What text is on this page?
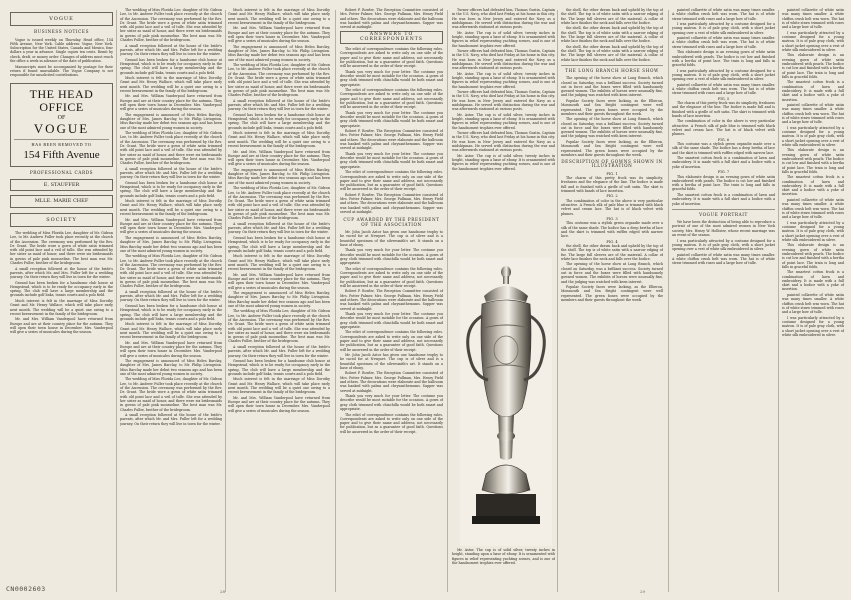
VOGUE
BUSINESS NOTICES

Vogue is issued weekly on Thursday. Head office, 154 Fifth Avenue, New York. Cable address: Vogue, New York. Subscription for the United States, Canada and Mexico, four dollars a year in advance. Single copies ten cents. Remit by check, draft, or money order. Changes of address must reach the office a week in advance of the date of publication.

Manuscripts must be accompanied by postage for their return if found unavailable. The Vogue Company is not responsible for unsolicited contributions.

THE HEAD OFFICE
OF
VOGUE
HAS BEEN REMOVED TO
154 Fifth Avenue
PROFESSIONAL CARDS
E. STAUFFER
MLLE. MARIE CHEF
SOCIETY

The wedding of Miss Florida Lee, daughter of Mr. Gideon Lee, to Mr. Andrew Fuller took place recently at the church of the Ascension. The ceremony was performed by the Rev. Dr. Grant. The bride wore a gown of white satin trimmed with old point lace and a veil of tulle. She was attended by her sister as maid of honor, and there were six bridesmaids in gowns of pale pink mousseline. The best man was Mr. Charles Fuller, brother of the bridegroom.

A small reception followed at the house of the bride's parents, after which Mr. and Mrs. Fuller left for a wedding journey. On their return they will live in town for the winter.

Ground has been broken for a handsome club house at Hempstead, which is to be ready for occupancy early in the spring. The club will have a large membership and the grounds include golf links, tennis courts and a polo field.

Much interest is felt in the marriage of Miss Dorothy Grant and Mr. Henry Wallace, which will take place early next month. The wedding will be a quiet one owing to a recent bereavement in the family of the bridegroom.

Mr. and Mrs. William Vanderpool have returned from Europe and are at their country place for the autumn. They will open their town house in December. Mrs. Vanderpool will give a series of musicales during the season.

The wedding of Miss Florida Lee, daughter of Mr. Gideon Lee, to Mr. Andrew Fuller took place recently at the church of the Ascension. The ceremony was performed by the Rev. Dr. Grant. The bride wore a gown of white satin trimmed with old point lace and a veil of tulle. She was attended by her sister as maid of honor, and there were six bridesmaids in gowns of pale pink mousseline. The best man was Mr. Charles Fuller, brother of the bridegroom.

A small reception followed at the house of the bride's parents, after which Mr. and Mrs. Fuller left for a wedding journey. On their return they will live in town for the winter.

Ground has been broken for a handsome club house at Hempstead, which is to be ready for occupancy early in the spring. The club will have a large membership and the grounds include golf links, tennis courts and a polo field.

Much interest is felt in the marriage of Miss Dorothy Grant and Mr. Henry Wallace, which will take place early next month. The wedding will be a quiet one owing to a recent bereavement in the family of the bridegroom.

Mr. and Mrs. William Vanderpool have returned from Europe and are at their country place for the autumn. They will open their town house in December. Mrs. Vanderpool will give a series of musicales during the season.

The engagement is announced of Miss Helen Barclay, daughter of Mrs. James Barclay, to Mr. Philip Livingston. Miss Barclay made her debut two seasons ago and has been one of the most admired young women in society.

The wedding of Miss Florida Lee, daughter of Mr. Gideon Lee, to Mr. Andrew Fuller took place recently at the church of the Ascension. The ceremony was performed by the Rev. Dr. Grant. The bride wore a gown of white satin trimmed with old point lace and a veil of tulle. She was attended by her sister as maid of honor, and there were six bridesmaids in gowns of pale pink mousseline. The best man was Mr. Charles Fuller, brother of the bridegroom.

A small reception followed at the house of the bride's parents, after which Mr. and Mrs. Fuller left for a wedding journey. On their return they will live in town for the winter.

Ground has been broken for a handsome club house at Hempstead, which is to be ready for occupancy early in the spring. The club will have a large membership and the grounds include golf links, tennis courts and a polo field.

Much interest is felt in the marriage of Miss Dorothy Grant and Mr. Henry Wallace, which will take place early next month. The wedding will be a quiet one owing to a recent bereavement in the family of the bridegroom.

Mr. and Mrs. William Vanderpool have returned from Europe and are at their country place for the autumn. They will open their town house in December. Mrs. Vanderpool will give a series of musicales during the season.

The engagement is announced of Miss Helen Barclay, daughter of Mrs. James Barclay, to Mr. Philip Livingston. Miss Barclay made her debut two seasons ago and has been one of the most admired young women in society.

The wedding of Miss Florida Lee, daughter of Mr. Gideon Lee, to Mr. Andrew Fuller took place recently at the church of the Ascension. The ceremony was performed by the Rev. Dr. Grant. The bride wore a gown of white satin trimmed with old point lace and a veil of tulle. She was attended by her sister as maid of honor, and there were six bridesmaids in gowns of pale pink mousseline. The best man was Mr. Charles Fuller, brother of the bridegroom.

A small reception followed at the house of the bride's parents, after which Mr. and Mrs. Fuller left for a wedding journey. On their return they will live in town for the winter.

Ground has been broken for a handsome club house at Hempstead, which is to be ready for occupancy early in the spring. The club will have a large membership and the grounds include golf links, tennis courts and a polo field.

Much interest is felt in the marriage of Miss Dorothy Grant and Mr. Henry Wallace, which will take place early next month. The wedding will be a quiet one owing to a recent bereavement in the family of the bridegroom.

Mr. and Mrs. William Vanderpool have returned from Europe and are at their country place for the autumn. They will open their town house in December. Mrs. Vanderpool will give a series of musicales during the season.

The engagement is announced of Miss Helen Barclay, daughter of Mrs. James Barclay, to Mr. Philip Livingston. Miss Barclay made her debut two seasons ago and has been one of the most admired young women in society.

The wedding of Miss Florida Lee, daughter of Mr. Gideon Lee, to Mr. Andrew Fuller took place recently at the church of the Ascension. The ceremony was performed by the Rev. Dr. Grant. The bride wore a gown of white satin trimmed with old point lace and a veil of tulle. She was attended by her sister as maid of honor, and there were six bridesmaids in gowns of pale pink mousseline. The best man was Mr. Charles Fuller, brother of the bridegroom.

A small reception followed at the house of the bride's parents, after which Mr. and Mrs. Fuller left for a wedding journey. On their return they will live in town for the winter.

Much interest is felt in the marriage of Miss Dorothy Grant and Mr. Henry Wallace, which will take place early next month. The wedding will be a quiet one owing to a recent bereavement in the family of the bridegroom.

Mr. and Mrs. William Vanderpool have returned from Europe and are at their country place for the autumn. They will open their town house in December. Mrs. Vanderpool will give a series of musicales during the season.

The engagement is announced of Miss Helen Barclay, daughter of Mrs. James Barclay, to Mr. Philip Livingston. Miss Barclay made her debut two seasons ago and has been one of the most admired young women in society.

The wedding of Miss Florida Lee, daughter of Mr. Gideon Lee, to Mr. Andrew Fuller took place recently at the church of the Ascension. The ceremony was performed by the Rev. Dr. Grant. The bride wore a gown of white satin trimmed with old point lace and a veil of tulle. She was attended by her sister as maid of honor, and there were six bridesmaids in gowns of pale pink mousseline. The best man was Mr. Charles Fuller, brother of the bridegroom.

A small reception followed at the house of the bride's parents, after which Mr. and Mrs. Fuller left for a wedding journey. On their return they will live in town for the winter.

Ground has been broken for a handsome club house at Hempstead, which is to be ready for occupancy early in the spring. The club will have a large membership and the grounds include golf links, tennis courts and a polo field.

Much interest is felt in the marriage of Miss Dorothy Grant and Mr. Henry Wallace, which will take place early next month. The wedding will be a quiet one owing to a recent bereavement in the family of the bridegroom.

Mr. and Mrs. William Vanderpool have returned from Europe and are at their country place for the autumn. They will open their town house in December. Mrs. Vanderpool will give a series of musicales during the season.

The engagement is announced of Miss Helen Barclay, daughter of Mrs. James Barclay, to Mr. Philip Livingston. Miss Barclay made her debut two seasons ago and has been one of the most admired young women in society.

The wedding of Miss Florida Lee, daughter of Mr. Gideon Lee, to Mr. Andrew Fuller took place recently at the church of the Ascension. The ceremony was performed by the Rev. Dr. Grant. The bride wore a gown of white satin trimmed with old point lace and a veil of tulle. She was attended by her sister as maid of honor, and there were six bridesmaids in gowns of pale pink mousseline. The best man was Mr. Charles Fuller, brother of the bridegroom.

A small reception followed at the house of the bride's parents, after which Mr. and Mrs. Fuller left for a wedding journey. On their return they will live in town for the winter.

Ground has been broken for a handsome club house at Hempstead, which is to be ready for occupancy early in the spring. The club will have a large membership and the grounds include golf links, tennis courts and a polo field.

Much interest is felt in the marriage of Miss Dorothy Grant and Mr. Henry Wallace, which will take place early next month. The wedding will be a quiet one owing to a recent bereavement in the family of the bridegroom.

Mr. and Mrs. William Vanderpool have returned from Europe and are at their country place for the autumn. They will open their town house in December. Mrs. Vanderpool will give a series of musicales during the season.

The engagement is announced of Miss Helen Barclay, daughter of Mrs. James Barclay, to Mr. Philip Livingston. Miss Barclay made her debut two seasons ago and has been one of the most admired young women in society.

The wedding of Miss Florida Lee, daughter of Mr. Gideon Lee, to Mr. Andrew Fuller took place recently at the church of the Ascension. The ceremony was performed by the Rev. Dr. Grant. The bride wore a gown of white satin trimmed with old point lace and a veil of tulle. She was attended by her sister as maid of honor, and there were six bridesmaids in gowns of pale pink mousseline. The best man was Mr. Charles Fuller, brother of the bridegroom.

A small reception followed at the house of the bride's parents, after which Mr. and Mrs. Fuller left for a wedding journey. On their return they will live in town for the winter.

Ground has been broken for a handsome club house at Hempstead, which is to be ready for occupancy early in the spring. The club will have a large membership and the grounds include golf links, tennis courts and a polo field.

Much interest is felt in the marriage of Miss Dorothy Grant and Mr. Henry Wallace, which will take place early next month. The wedding will be a quiet one owing to a recent bereavement in the family of the bridegroom.

Mr. and Mrs. William Vanderpool have returned from Europe and are at their country place for the autumn. They will open their town house in December. Mrs. Vanderpool will give a series of musicales during the season.

Robert P. Bowler, The Reception Committee consisted of Mrs. Potter Palmer, Mrs. George Pullman, Mrs. Henry Field and others. The decorations were elaborate and the ballroom was banked with palms and chrysanthemums. Supper was served at midnight.

ANSWERS TO CORRESPONDENTS

The edict of correspondence contains the following rules. Correspondents are asked to write only on one side of the paper and to give their name and address, not necessarily for publication, but as a guarantee of good faith. Questions will be answered in the order of their receipt.

Thank you very much for your letter. The costume you describe would be most suitable for the occasion. A gown of gray cloth trimmed with chinchilla would be both smart and appropriate.

The edict of correspondence contains the following rules. Correspondents are asked to write only on one side of the paper and to give their name and address, not necessarily for publication, but as a guarantee of good faith. Questions will be answered in the order of their receipt.

Thank you very much for your letter. The costume you describe would be most suitable for the occasion. A gown of gray cloth trimmed with chinchilla would be both smart and appropriate.

Robert P. Bowler, The Reception Committee consisted of Mrs. Potter Palmer, Mrs. George Pullman, Mrs. Henry Field and others. The decorations were elaborate and the ballroom was banked with palms and chrysanthemums. Supper was served at midnight.

Thank you very much for your letter. The costume you describe would be most suitable for the occasion. A gown of gray cloth trimmed with chinchilla would be both smart and appropriate.

The edict of correspondence contains the following rules. Correspondents are asked to write only on one side of the paper and to give their name and address, not necessarily for publication, but as a guarantee of good faith. Questions will be answered in the order of their receipt.

Robert P. Bowler, The Reception Committee consisted of Mrs. Potter Palmer, Mrs. George Pullman, Mrs. Henry Field and others. The decorations were elaborate and the ballroom was banked with palms and chrysanthemums. Supper was served at midnight.

CUP AWARDED BY THE PRESIDENT OF THE ASSOCIATION

Mr. John Jacob Astor has given one handsome trophy to be raced for at Newport. The cup is of silver and is a beautiful specimen of the silversmith's art. It stands on a base of ebony.

Thank you very much for your letter. The costume you describe would be most suitable for the occasion. A gown of gray cloth trimmed with chinchilla would be both smart and appropriate.

The edict of correspondence contains the following rules. Correspondents are asked to write only on one side of the paper and to give their name and address, not necessarily for publication, but as a guarantee of good faith. Questions will be answered in the order of their receipt.

Robert P. Bowler, The Reception Committee consisted of Mrs. Potter Palmer, Mrs. George Pullman, Mrs. Henry Field and others. The decorations were elaborate and the ballroom was banked with palms and chrysanthemums. Supper was served at midnight.

Thank you very much for your letter. The costume you describe would be most suitable for the occasion. A gown of gray cloth trimmed with chinchilla would be both smart and appropriate.

The edict of correspondence contains the following rules. Correspondents are asked to write only on one side of the paper and to give their name and address, not necessarily for publication, but as a guarantee of good faith. Questions will be answered in the order of their receipt.

Mr. John Jacob Astor has given one handsome trophy to be raced for at Newport. The cup is of silver and is a beautiful specimen of the silversmith's art. It stands on a base of ebony.

Robert P. Bowler, The Reception Committee consisted of Mrs. Potter Palmer, Mrs. George Pullman, Mrs. Henry Field and others. The decorations were elaborate and the ballroom was banked with palms and chrysanthemums. Supper was served at midnight.

Thank you very much for your letter. The costume you describe would be most suitable for the occasion. A gown of gray cloth trimmed with chinchilla would be both smart and appropriate.

The edict of correspondence contains the following rules. Correspondents are asked to write only on one side of the paper and to give their name and address, not necessarily for publication, but as a guarantee of good faith. Questions will be answered in the order of their receipt.

Turner officers had defeated him, Thomas Gustin, Captain in the U.S. Navy, who died last Friday at his home in this city. He was born in New Jersey and entered the Navy as a midshipman. He served with distinction during the war and was afterwards stationed at various posts.

Mr. Astor. The cup is of solid silver, twenty inches in height, standing upon a base of ebony. It is ornamented with figures in relief representing yachting scenes, and is one of the handsomest trophies ever offered.

Turner officers had defeated him, Thomas Gustin, Captain in the U.S. Navy, who died last Friday at his home in this city. He was born in New Jersey and entered the Navy as a midshipman. He served with distinction during the war and was afterwards stationed at various posts.

Mr. Astor. The cup is of solid silver, twenty inches in height, standing upon a base of ebony. It is ornamented with figures in relief representing yachting scenes, and is one of the handsomest trophies ever offered.

Turner officers had defeated him, Thomas Gustin, Captain in the U.S. Navy, who died last Friday at his home in this city. He was born in New Jersey and entered the Navy as a midshipman. He served with distinction during the war and was afterwards stationed at various posts.

Mr. Astor. The cup is of solid silver, twenty inches in height, standing upon a base of ebony. It is ornamented with figures in relief representing yachting scenes, and is one of the handsomest trophies ever offered.

Turner officers had defeated him, Thomas Gustin, Captain in the U.S. Navy, who died last Friday at his home in this city. He was born in New Jersey and entered the Navy as a midshipman. He served with distinction during the war and was afterwards stationed at various posts.

Mr. Astor. The cup is of solid silver, twenty inches in height, standing upon a base of ebony. It is ornamented with figures in relief representing yachting scenes, and is one of the handsomest trophies ever offered.

Mr. Astor. The cup is of solid silver, twenty inches in height, standing upon a base of ebony. It is ornamented with figures in relief representing yachting scenes, and is one of the handsomest trophies ever offered.

the shell, the other drawn back and upheld by the top of the shell. The top is of white satin with a narrow edging of fur. The large full sleeves are of the material. A collar of white lace finishes the neck and falls over the bodice.

the shell, the other drawn back and upheld by the top of the shell. The top is of white satin with a narrow edging of fur. The large full sleeves are of the material. A collar of white lace finishes the neck and falls over the bodice.

the shell, the other drawn back and upheld by the top of the shell. The top is of white satin with a narrow edging of fur. The large full sleeves are of the material. A collar of white lace finishes the neck and falls over the bodice.

THE LONG BRANCH HORSE SHOW

The opening of the horse show at Long Branch, which closed on Saturday, was a brilliant success. Society turned out in force and the boxes were filled with handsomely gowned women. The exhibits of horses were unusually fine, and the judging was watched with keen interest.

Popular Society faces were lacking, as the Elberon, Monmouth and Sea Bright contingent were well represented. The green boxes were occupied by the members and their guests throughout the week.

The opening of the horse show at Long Branch, which closed on Saturday, was a brilliant success. Society turned out in force and the boxes were filled with handsomely gowned women. The exhibits of horses were unusually fine, and the judging was watched with keen interest.

Popular Society faces were lacking, as the Elberon, Monmouth and Sea Bright contingent were well represented. The green boxes were occupied by the members and their guests throughout the week.

DESCRIPTION OF GOWNS SHOWN IN ILLUSTRATION
FIG. 1

The charm of this pretty frock was its simplicity, freshness and the elegance of the line. The bodice is made full and is finished with a girdle of soft satin. The skirt is trimmed with bands of lace insertion.

FIG. 2

The combination of color in the above is very particular attractive. A French silk of pale blue is trimmed with black velvet and cream lace. The hat is of black velvet with plumes.

FIG. 3

This costume was a stylish green organdie made over a silk of the same shade. The bodice has a deep bertha of lace and the skirt is trimmed with ruffles edged with narrow lace.

FIG. 4

the shell, the other drawn back and upheld by the top of the shell. The top is of white satin with a narrow edging of fur. The large full sleeves are of the material. A collar of white lace finishes the neck and falls over the bodice.

The opening of the horse show at Long Branch, which closed on Saturday, was a brilliant success. Society turned out in force and the boxes were filled with handsomely gowned women. The exhibits of horses were unusually fine, and the judging was watched with keen interest.

Popular Society faces were lacking, as the Elberon, Monmouth and Sea Bright contingent were well represented. The green boxes were occupied by the members and their guests throughout the week.

painted collarette of white satin was many times smaller. A white chiffon crush belt was worn. The hat is of white straw trimmed with roses and a large bow of tulle.

I was particularly attracted by a costume designed for a young matron. It is of pale gray cloth, with a short jacket opening over a vest of white silk embroidered in silver.

painted collarette of white satin was many times smaller. A white chiffon crush belt was worn. The hat is of white straw trimmed with roses and a large bow of tulle.

This elaborate design is an evening gown of white satin embroidered with pearls. The bodice is cut low and finished with a bertha of point lace. The train is long and falls in graceful folds.

I was particularly attracted by a costume designed for a young matron. It is of pale gray cloth, with a short jacket opening over a vest of white silk embroidered in silver.

painted collarette of white satin was many times smaller. A white chiffon crush belt was worn. The hat is of white straw trimmed with roses and a large bow of tulle.

FIG. 5

The charm of this pretty frock was its simplicity, freshness and the elegance of the line. The bodice is made full and is finished with a girdle of soft satin. The skirt is trimmed with bands of lace insertion.

The combination of color in the above is very particular attractive. A French silk of pale blue is trimmed with black velvet and cream lace. The hat is of black velvet with plumes.

FIG. 6

This costume was a stylish green organdie made over a silk of the same shade. The bodice has a deep bertha of lace and the skirt is trimmed with ruffles edged with narrow lace.

The smartest cotton frock is a combination of lawn and embroidery. It is made with a full skirt and a bodice with a yoke of insertion.

FIG. 7

This elaborate design is an evening gown of white satin embroidered with pearls. The bodice is cut low and finished with a bertha of point lace. The train is long and falls in graceful folds.

The smartest cotton frock is a combination of lawn and embroidery. It is made with a full skirt and a bodice with a yoke of insertion.

VOGUE PORTRAIT

We have been the distinction of being able to reproduce a portrait of one of the most admired women in New York society, Mrs. Henry W. Hollister, whose recent marriage was an event of the season.

I was particularly attracted by a costume designed for a young matron. It is of pale gray cloth, with a short jacket opening over a vest of white silk embroidered in silver.

painted collarette of white satin was many times smaller. A white chiffon crush belt was worn. The hat is of white straw trimmed with roses and a large bow of tulle.

painted collarette of white satin was many times smaller. A white chiffon crush belt was worn. The hat is of white straw trimmed with roses and a large bow of tulle.

I was particularly attracted by a costume designed for a young matron. It is of pale gray cloth, with a short jacket opening over a vest of white silk embroidered in silver.

This elaborate design is an evening gown of white satin embroidered with pearls. The bodice is cut low and finished with a bertha of point lace. The train is long and falls in graceful folds.

The smartest cotton frock is a combination of lawn and embroidery. It is made with a full skirt and a bodice with a yoke of insertion.

painted collarette of white satin was many times smaller. A white chiffon crush belt was worn. The hat is of white straw trimmed with roses and a large bow of tulle.

I was particularly attracted by a costume designed for a young matron. It is of pale gray cloth, with a short jacket opening over a vest of white silk embroidered in silver.

This elaborate design is an evening gown of white satin embroidered with pearls. The bodice is cut low and finished with a bertha of point lace. The train is long and falls in graceful folds.

The smartest cotton frock is a combination of lawn and embroidery. It is made with a full skirt and a bodice with a yoke of insertion.

painted collarette of white satin was many times smaller. A white chiffon crush belt was worn. The hat is of white straw trimmed with roses and a large bow of tulle.

I was particularly attracted by a costume designed for a young matron. It is of pale gray cloth, with a short jacket opening over a vest of white silk embroidered in silver.

This elaborate design is an evening gown of white satin embroidered with pearls. The bodice is cut low and finished with a bertha of point lace. The train is long and falls in graceful folds.

The smartest cotton frock is a combination of lawn and embroidery. It is made with a full skirt and a bodice with a yoke of insertion.

painted collarette of white satin was many times smaller. A white chiffon crush belt was worn. The hat is of white straw trimmed with roses and a large bow of tulle.

I was particularly attracted by a costume designed for a young matron. It is of pale gray cloth, with a short jacket opening over a vest of white silk embroidered in silver.

28	29
CN0002603
